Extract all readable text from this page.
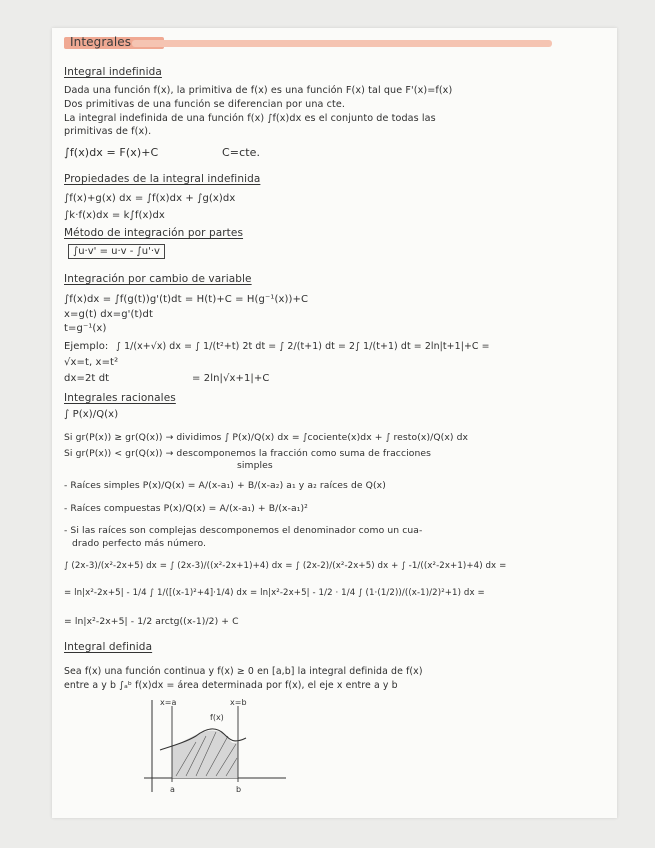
Integrales
Integral indefinida
Dada una función f(x), la primitiva de f(x) es una función F(x) tal que F'(x)=f(x)
Dos primitivas de una función se diferencian por una cte.
La integral indefinida de una función f(x) ∫f(x)dx es el conjunto de todas las
primitivas de f(x).
∫f(x)dx = F(x)+C	C=cte.
Propiedades de la integral indefinida
∫f(x)+g(x) dx = ∫f(x)dx + ∫g(x)dx
∫k·f(x)dx = k∫f(x)dx
Método de integración por partes
∫u·v' = u·v - ∫u'·v
Integración por cambio de variable
∫f(x)dx = ∫f(g(t))g'(t)dt = H(t)+C = H(g⁻¹(x))+C
x=g(t) dx=g'(t)dt
t=g⁻¹(x)
Ejemplo: ∫ 1/(x+√x) dx = ∫ 1/(t²+t) 2t dt = ∫ 2/(t+1) dt = 2∫ 1/(t+1) dt = 2ln|t+1|+C =
√x=t, x=t²
dx=2t dt	= 2ln|√x+1|+C
Integrales racionales
∫ P(x)/Q(x)
Si gr(P(x)) ≥ gr(Q(x)) → dividimos ∫ P(x)/Q(x) dx = ∫cociente(x)dx + ∫ resto(x)/Q(x) dx
Si gr(P(x)) < gr(Q(x)) → descomponemos la fracción como suma de fracciones
simples
- Raíces simples P(x)/Q(x) = A/(x-a₁) + B/(x-a₂) a₁ y a₂ raíces de Q(x)
- Raíces compuestas P(x)/Q(x) = A/(x-a₁) + B/(x-a₁)²
- Si las raíces son complejas descomponemos el denominador como un cua-
drado perfecto más número.
∫ (2x-3)/(x²-2x+5) dx = ∫ (2x-3)/((x²-2x+1)+4) dx = ∫ (2x-2)/(x²-2x+5) dx + ∫ -1/((x²-2x+1)+4) dx =
= ln|x²-2x+5| - 1/4 ∫ 1/([(x-1)²+4]·1/4) dx = ln|x²-2x+5| - 1/2 · 1/4 ∫ (1·(1/2))/((x-1)/2)²+1) dx =
= ln|x²-2x+5| - 1/2 arctg((x-1)/2) + C
Integral definida
Sea f(x) una función continua y f(x) ≥ 0 en [a,b] la integral definida de f(x)
entre a y b ∫ₐᵇ f(x)dx = área determinada por f(x), el eje x entre a y b
x=a	x=b
f(x)
a	b
